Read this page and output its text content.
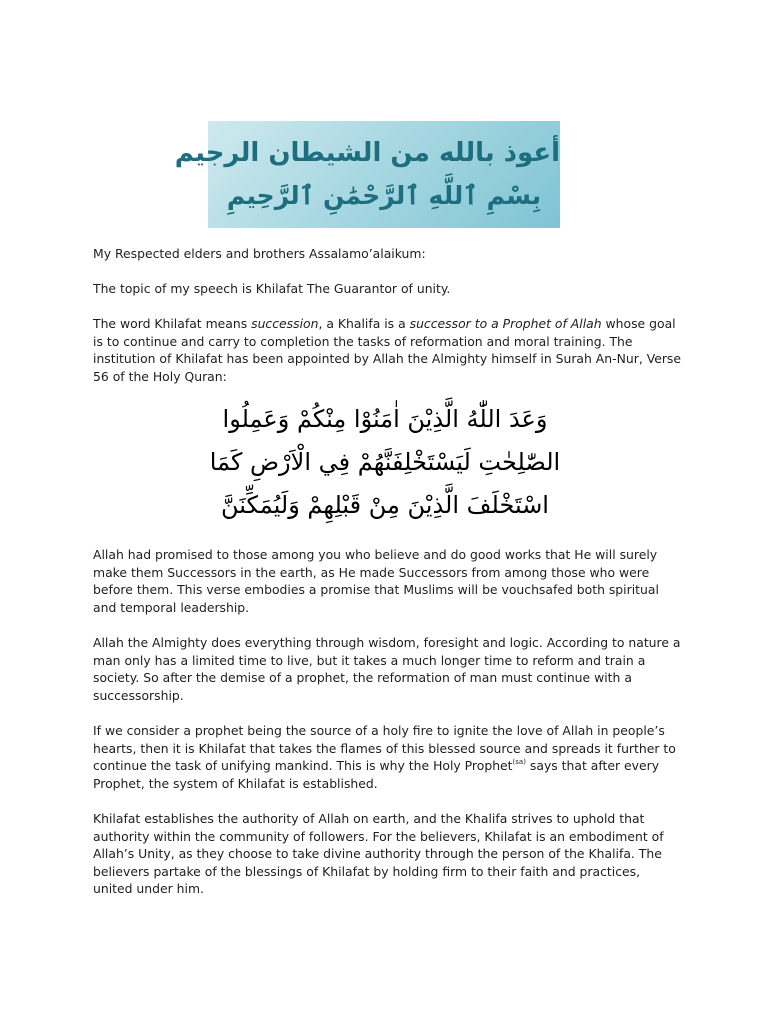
أعوذ بالله من الشيطان الرجيم
بِسْمِ ٱللَّهِ ٱلرَّحْمَٰنِ ٱلرَّحِيمِ

My Respected elders and brothers Assalamo’alaikum:

The topic of my speech is Khilafat The Guarantor of unity.

The word Khilafat means succession, a Khalifa is a successor to a Prophet of Allah whose goal is to continue and carry to completion the tasks of reformation and moral training. The institution of Khilafat has been appointed by Allah the Almighty himself in Surah An-Nur, Verse 56 of the Holy Quran:

وَعَدَ اللّٰهُ الَّذِيْنَ اٰمَنُوْا مِنْكُمْ وَعَمِلُوا
الصّٰلِحٰتِ لَيَسْتَخْلِفَنَّهُمْ فِي الْاَرْضِ كَمَا
اسْتَخْلَفَ الَّذِيْنَ مِنْ قَبْلِهِمْ وَلَيُمَكِّنَنَّ

Allah had promised to those among you who believe and do good works that He will surely make them Successors in the earth, as He made Successors from among those who were before them. This verse embodies a promise that Muslims will be vouchsafed both spiritual and temporal leadership.

Allah the Almighty does everything through wisdom, foresight and logic. According to nature a man only has a limited time to live, but it takes a much longer time to reform and train a society. So after the demise of a prophet, the reformation of man must continue with a successorship.

If we consider a prophet being the source of a holy fire to ignite the love of Allah in people’s hearts, then it is Khilafat that takes the flames of this blessed source and spreads it further to continue the task of unifying mankind. This is why the Holy Prophet$^{(sa)}$ says that after every Prophet, the system of Khilafat is established.

Khilafat establishes the authority of Allah on earth, and the Khalifa strives to uphold that authority within the community of followers. For the believers, Khilafat is an embodiment of Allah’s Unity, as they choose to take divine authority through the person of the Khalifa. The believers partake of the blessings of Khilafat by holding firm to their faith and practices, united under him.
